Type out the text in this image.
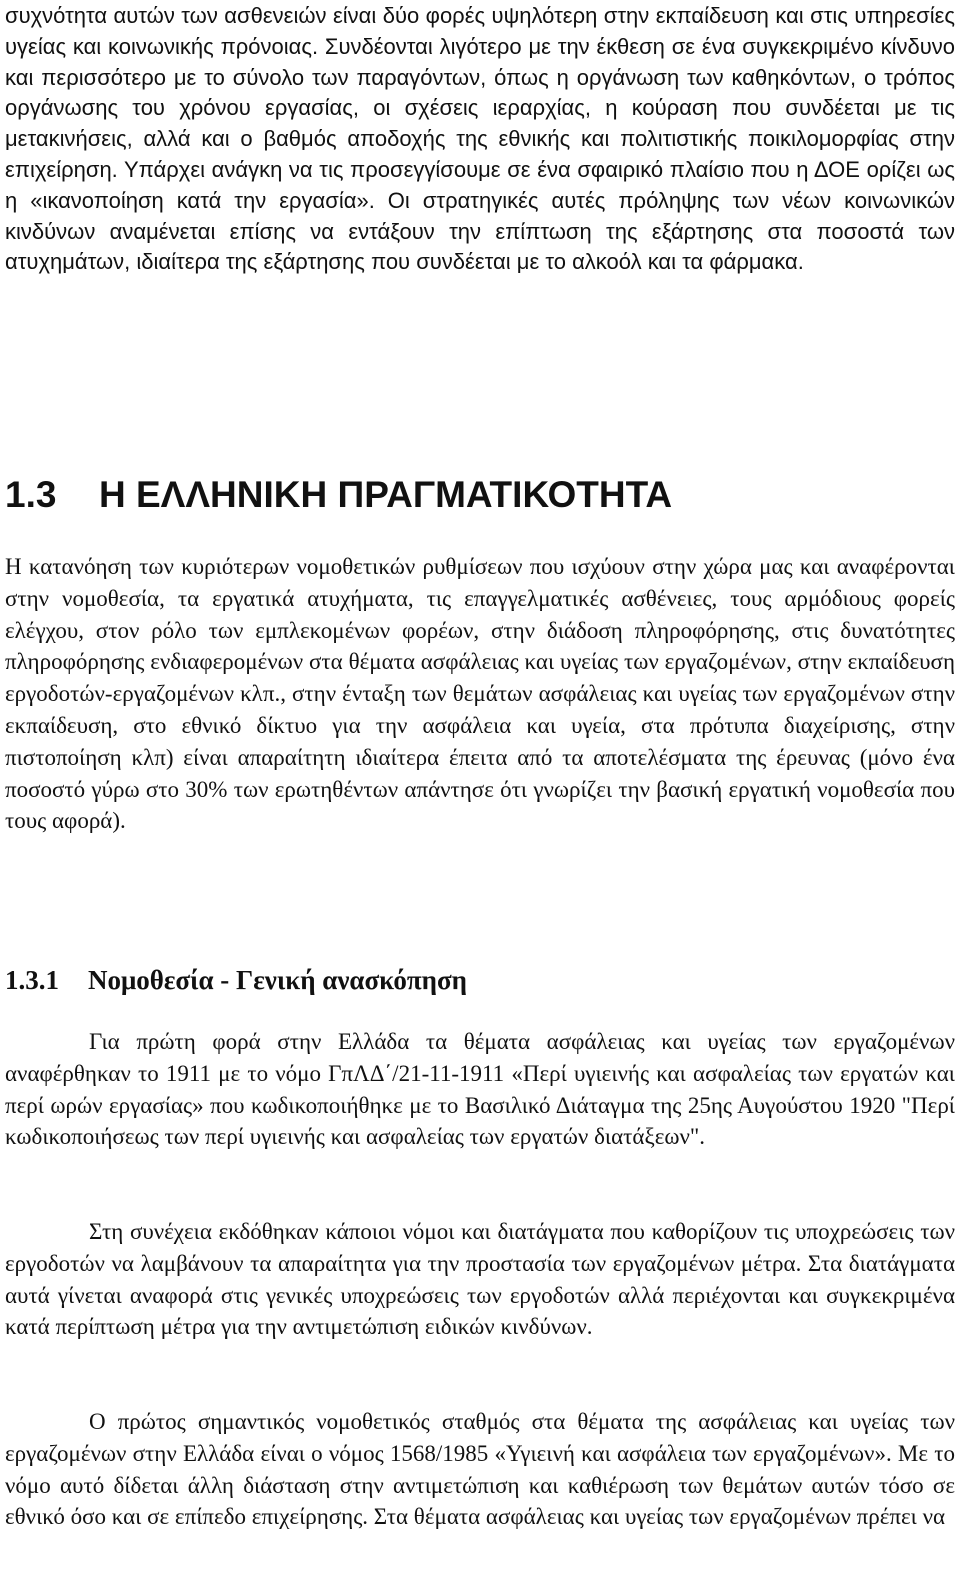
συχνότητα αυτών των ασθενειών είναι δύο φορές υψηλότερη στην εκπαίδευση και στις υπηρεσίες υγείας και κοινωνικής πρόνοιας. Συνδέονται λιγότερο με την έκθεση σε ένα συγκεκριμένο κίνδυνο και περισσότερο με το σύνολο των παραγόντων, όπως η οργάνωση των καθηκόντων, ο τρόπος οργάνωσης του χρόνου εργασίας, οι σχέσεις ιεραρχίας, η κούραση που συνδέεται με τις μετακινήσεις, αλλά και ο βαθμός αποδοχής της εθνικής και πολιτιστικής ποικιλομορφίας στην επιχείρηση. Υπάρχει ανάγκη να τις προσεγγίσουμε σε ένα σφαιρικό πλαίσιο που η ΔΟΕ ορίζει ως η «ικανοποίηση κατά την εργασία». Οι στρατηγικές αυτές πρόληψης των νέων κοινωνικών κινδύνων αναμένεται επίσης να εντάξουν την επίπτωση της εξάρτησης στα ποσοστά των ατυχημάτων, ιδιαίτερα της εξάρτησης που συνδέεται με το αλκοόλ και τα φάρμακα.

1.3 Η ΕΛΛΗΝΙΚΗ ΠΡΑΓΜΑΤΙΚΟΤΗΤΑ

Η κατανόηση των κυριότερων νομοθετικών ρυθμίσεων που ισχύουν στην χώρα μας και αναφέρονται στην νομοθεσία, τα εργατικά ατυχήματα, τις επαγγελματικές ασθένειες, τους αρμόδιους φορείς ελέγχου, στον ρόλο των εμπλεκομένων φορέων, στην διάδοση πληροφόρησης, στις δυνατότητες πληροφόρησης ενδιαφερομένων στα θέματα ασφάλειας και υγείας των εργαζομένων, στην εκπαίδευση εργοδοτών-εργαζομένων κλπ., στην ένταξη των θεμάτων ασφάλειας και υγείας των εργαζομένων στην εκπαίδευση, στο εθνικό δίκτυο για την ασφάλεια και υγεία, στα πρότυπα διαχείρισης, στην πιστοποίηση κλπ) είναι απαραίτητη ιδιαίτερα έπειτα από τα αποτελέσματα της έρευνας (μόνο ένα ποσοστό γύρω στο 30% των ερωτηθέντων απάντησε ότι γνωρίζει την βασική εργατική νομοθεσία που τους αφορά).

1.3.1 Νομοθεσία - Γενική ανασκόπηση

Για πρώτη φορά στην Ελλάδα τα θέματα ασφάλειας και υγείας των εργαζομένων αναφέρθηκαν το 1911 με το νόμο ΓπΛΔ΄/21-11-1911 «Περί υγιεινής και ασφαλείας των εργατών και περί ωρών εργασίας» που κωδικοποιήθηκε με το Βασιλικό Διάταγμα της 25ης Αυγούστου 1920 "Περί κωδικοποιήσεως των περί υγιεινής και ασφαλείας των εργατών διατάξεων".

Στη συνέχεια εκδόθηκαν κάποιοι νόμοι και διατάγματα που καθορίζουν τις υποχρεώσεις των εργοδοτών να λαμβάνουν τα απαραίτητα για την προστασία των εργαζομένων μέτρα. Στα διατάγματα αυτά γίνεται αναφορά στις γενικές υποχρεώσεις των εργοδοτών αλλά περιέχονται και συγκεκριμένα κατά περίπτωση μέτρα για την αντιμετώπιση ειδικών κινδύνων.

Ο πρώτος σημαντικός νομοθετικός σταθμός στα θέματα της ασφάλειας και υγείας των εργαζομένων στην Ελλάδα είναι ο νόμος 1568/1985 «Υγιεινή και ασφάλεια των εργαζομένων». Με το νόμο αυτό δίδεται άλλη διάσταση στην αντιμετώπιση και καθιέρωση των θεμάτων αυτών τόσο σε εθνικό όσο και σε επίπεδο επιχείρησης. Στα θέματα ασφάλειας και υγείας των εργαζομένων πρέπει να
